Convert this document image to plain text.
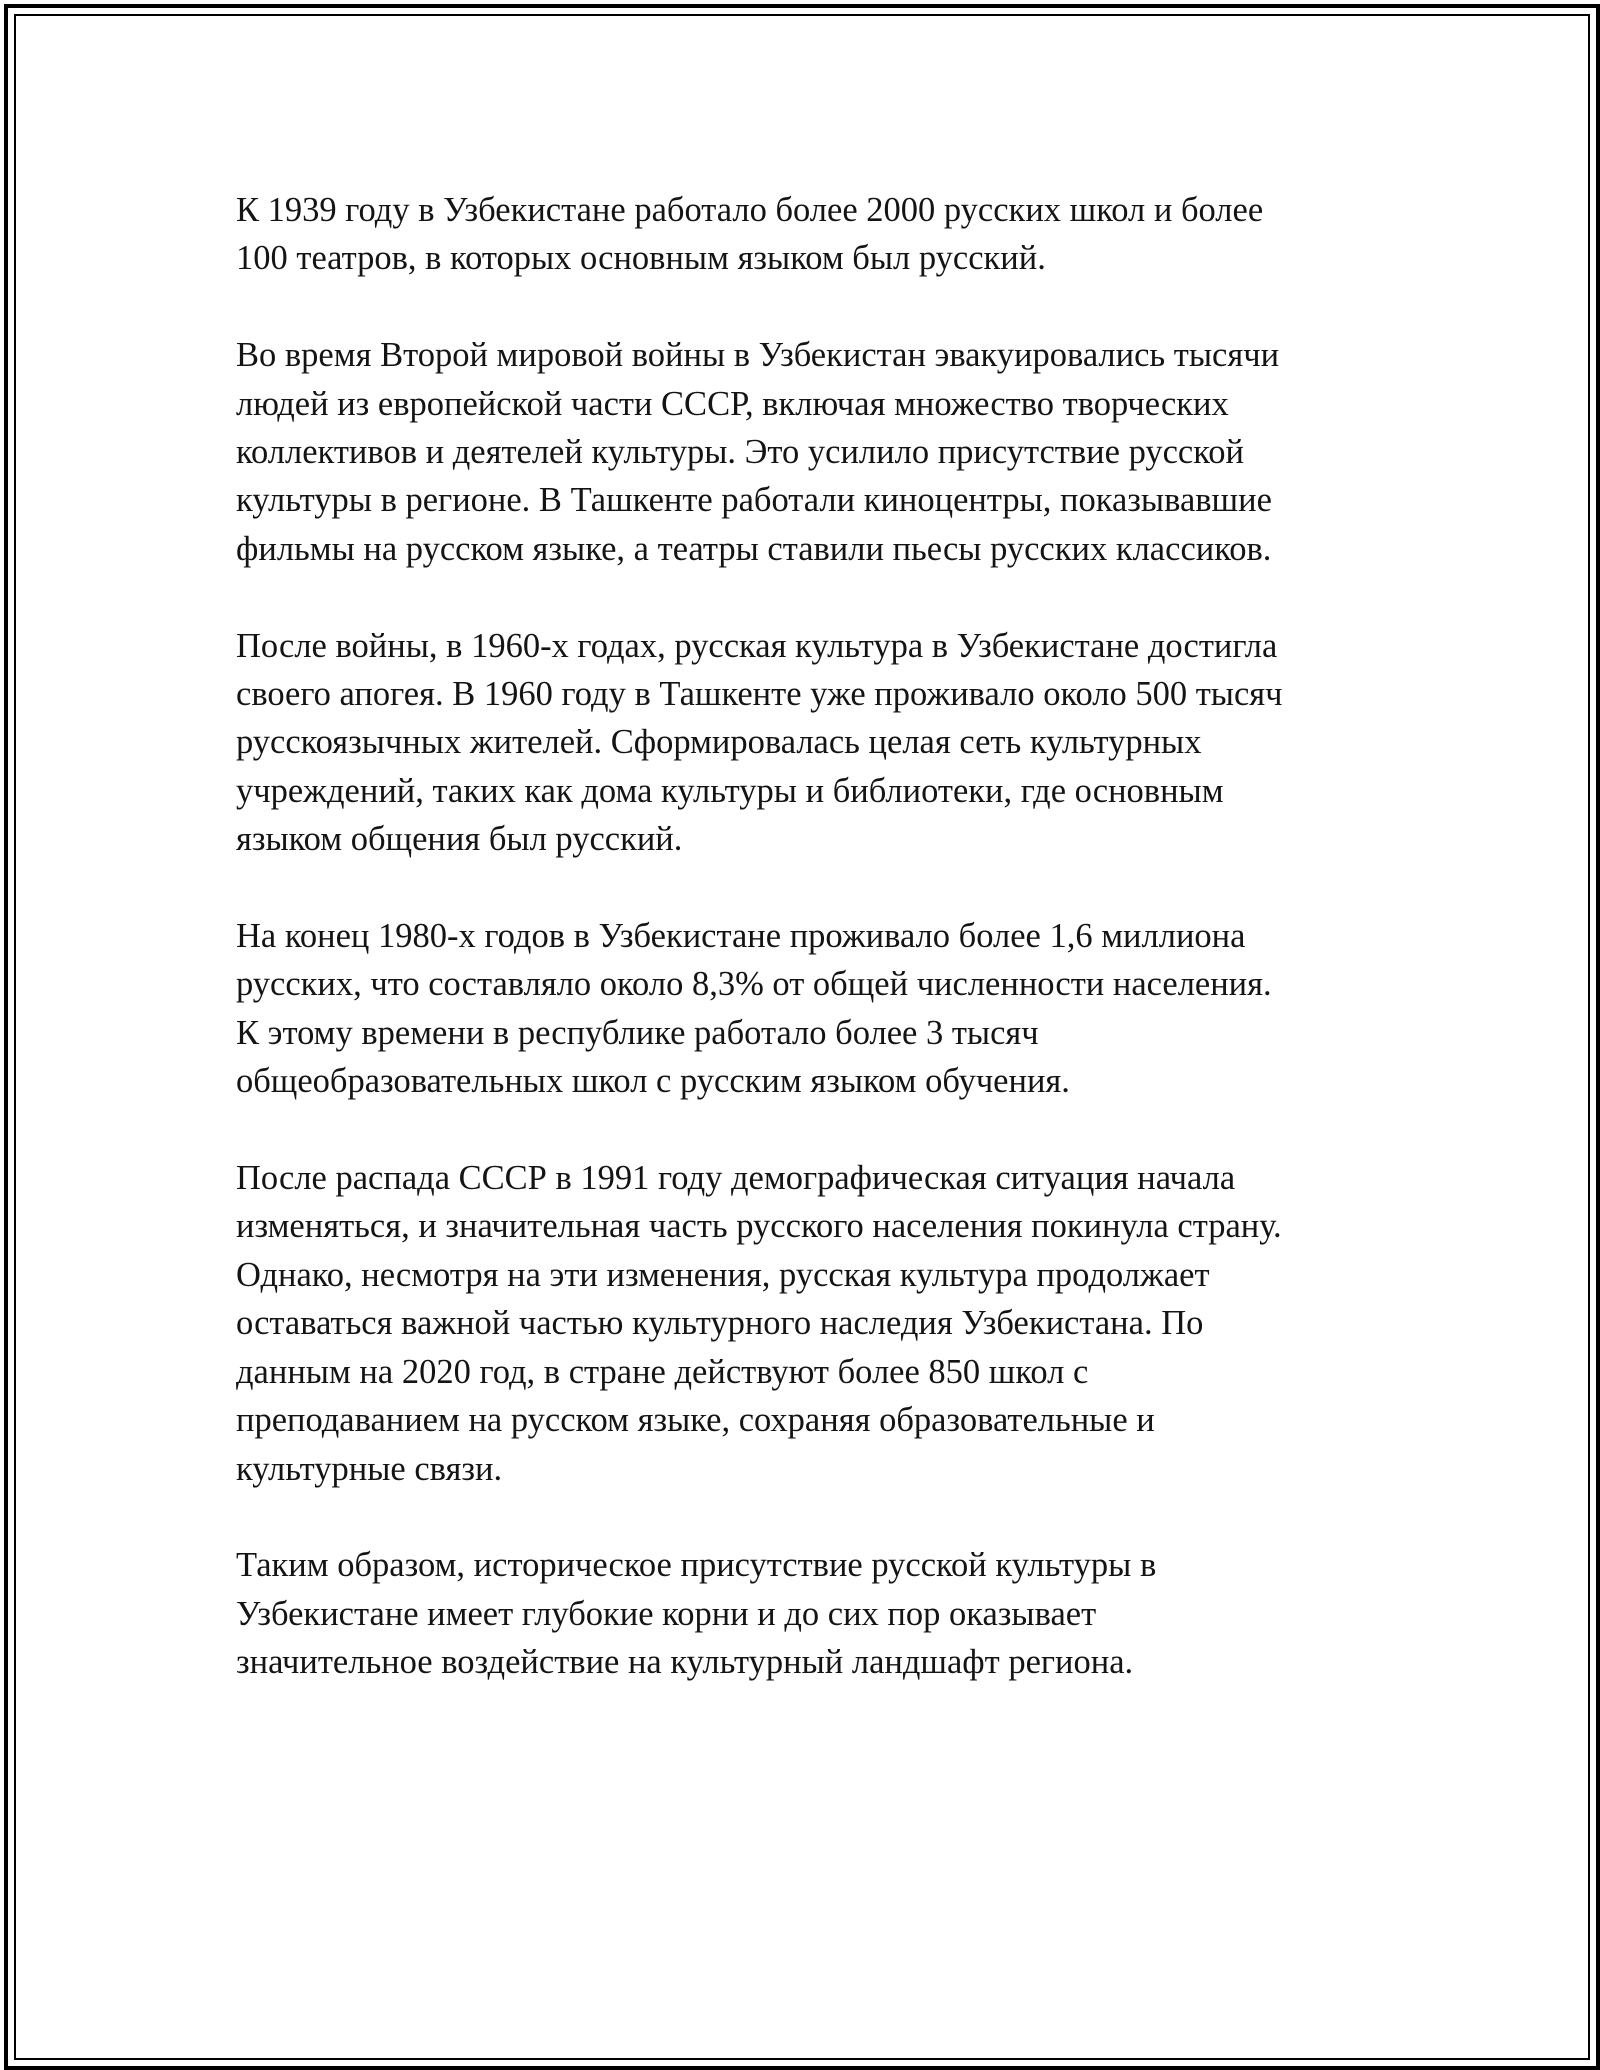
К 1939 году в Узбекистане работало более 2000 русских школ и более
100 театров, в которых основным языком был русский.

Во время Второй мировой войны в Узбекистан эвакуировались тысячи
людей из европейской части СССР, включая множество творческих
коллективов и деятелей культуры. Это усилило присутствие русской
культуры в регионе. В Ташкенте работали киноцентры, показывавшие
фильмы на русском языке, а театры ставили пьесы русских классиков.

После войны, в 1960-х годах, русская культура в Узбекистане достигла
своего апогея. В 1960 году в Ташкенте уже проживало около 500 тысяч
русскоязычных жителей. Сформировалась целая сеть культурных
учреждений, таких как дома культуры и библиотеки, где основным
языком общения был русский.

На конец 1980-х годов в Узбекистане проживало более 1,6 миллиона
русских, что составляло около 8,3% от общей численности населения.
К этому времени в республике работало более 3 тысяч
общеобразовательных школ с русским языком обучения.

После распада СССР в 1991 году демографическая ситуация начала
изменяться, и значительная часть русского населения покинула страну.
Однако, несмотря на эти изменения, русская культура продолжает
оставаться важной частью культурного наследия Узбекистана. По
данным на 2020 год, в стране действуют более 850 школ с
преподаванием на русском языке, сохраняя образовательные и
культурные связи.

Таким образом, историческое присутствие русской культуры в
Узбекистане имеет глубокие корни и до сих пор оказывает
значительное воздействие на культурный ландшафт региона.
